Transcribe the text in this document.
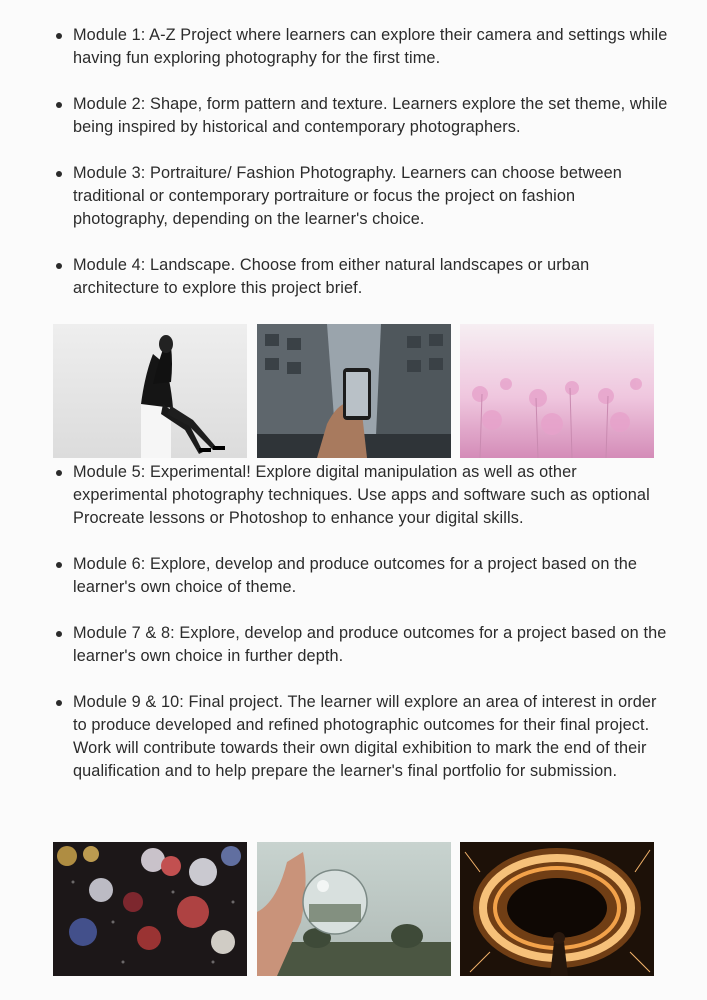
Module 1: A-Z Project where learners can explore their camera and settings while having fun exploring photography for the first time.
Module 2: Shape, form pattern and texture. Learners explore the set theme, while being inspired by historical and contemporary photographers.
Module 3: Portraiture/ Fashion Photography. Learners can choose between traditional or contemporary portraiture or focus the project on fashion photography, depending on the learner's choice.
Module 4: Landscape. Choose from either natural landscapes or urban architecture to explore this project brief.
Module 5: Experimental! Explore digital manipulation as well as other experimental photography techniques. Use apps and software such as optional Procreate lessons or Photoshop to enhance your digital skills.
Module 6: Explore, develop and produce outcomes for a project based on the learner's own choice of theme.
Module 7 & 8: Explore, develop and produce outcomes for a project based on the learner's own choice in further depth.
Module 9 & 10: Final project. The learner will explore an area of interest in order to produce developed and refined photographic outcomes for their final project. Work will contribute towards their own digital exhibition to mark the end of their qualification and to help prepare the learner's final portfolio for submission.
